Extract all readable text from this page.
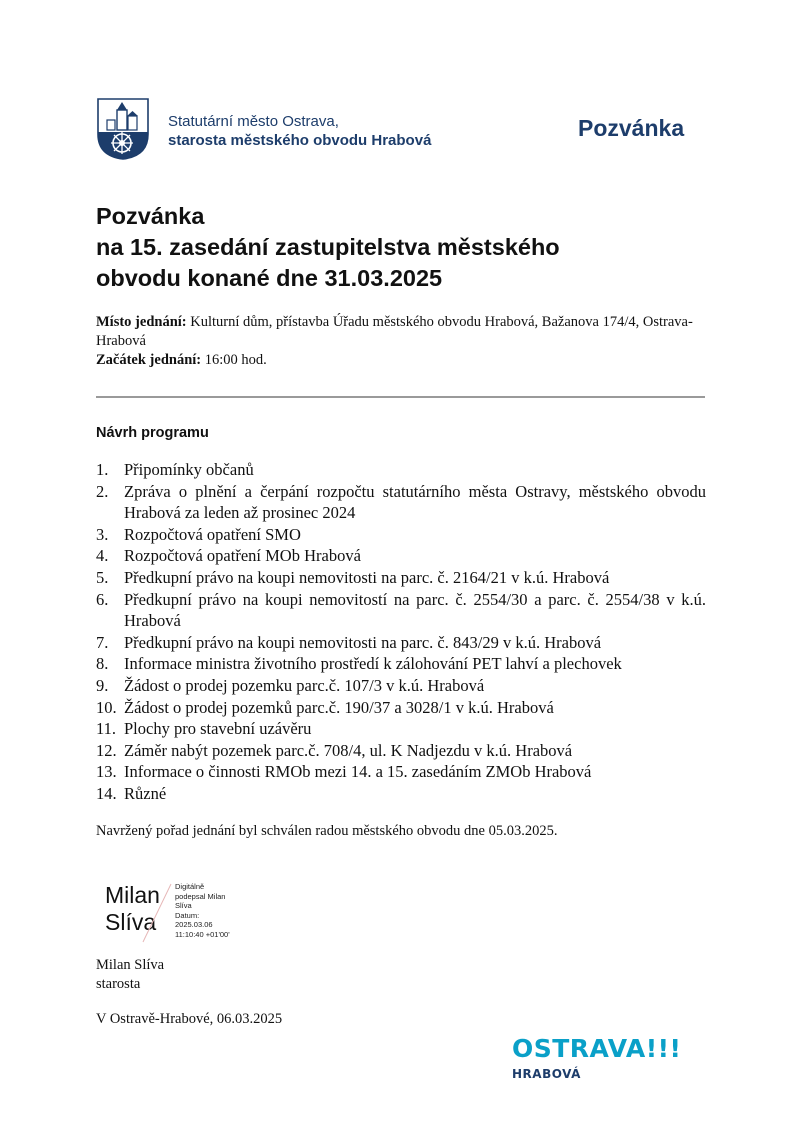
Statutární město Ostrava,
starosta městského obvodu Hrabová	Pozvánka
Pozvánka
na 15. zasedání zastupitelstva městského
obvodu konané dne 31.03.2025
Místo jednání: Kulturní dům, přístavba Úřadu městského obvodu Hrabová, Bažanova 174/4, Ostrava-Hrabová
Začátek jednání: 16:00 hod.
Návrh programu
1. Připomínky občanů
2. Zpráva o plnění a čerpání rozpočtu statutárního města Ostravy, městského obvodu Hrabová za leden až prosinec 2024
3. Rozpočtová opatření SMO
4. Rozpočtová opatření MOb Hrabová
5. Předkupní právo na koupi nemovitosti na parc. č. 2164/21 v k.ú. Hrabová
6. Předkupní právo na koupi nemovitostí na parc. č. 2554/30 a parc. č. 2554/38 v k.ú. Hrabová
7. Předkupní právo na koupi nemovitosti na parc. č. 843/29 v k.ú. Hrabová
8. Informace ministra životního prostředí k zálohování PET lahví a plechovek
9. Žádost o prodej pozemku parc.č. 107/3 v k.ú. Hrabová
10. Žádost o prodej pozemků parc.č. 190/37 a 3028/1 v k.ú. Hrabová
11. Plochy pro stavební uzávěru
12. Záměr nabýt pozemek parc.č. 708/4, ul. K Nadjezdu v k.ú. Hrabová
13. Informace o činnosti RMOb mezi 14. a 15. zasedáním ZMOb Hrabová
14. Různé
Navržený pořad jednání byl schválen radou městského obvodu dne 05.03.2025.
Milan
Slíva
Digitálně
podepsal Milan
Slíva
Datum:
2025.03.06
11:10:40 +01'00'
Milan Slíva
starosta
V Ostravě-Hrabové, 06.03.2025
OSTRAVA!!!
HRABOVÁ
